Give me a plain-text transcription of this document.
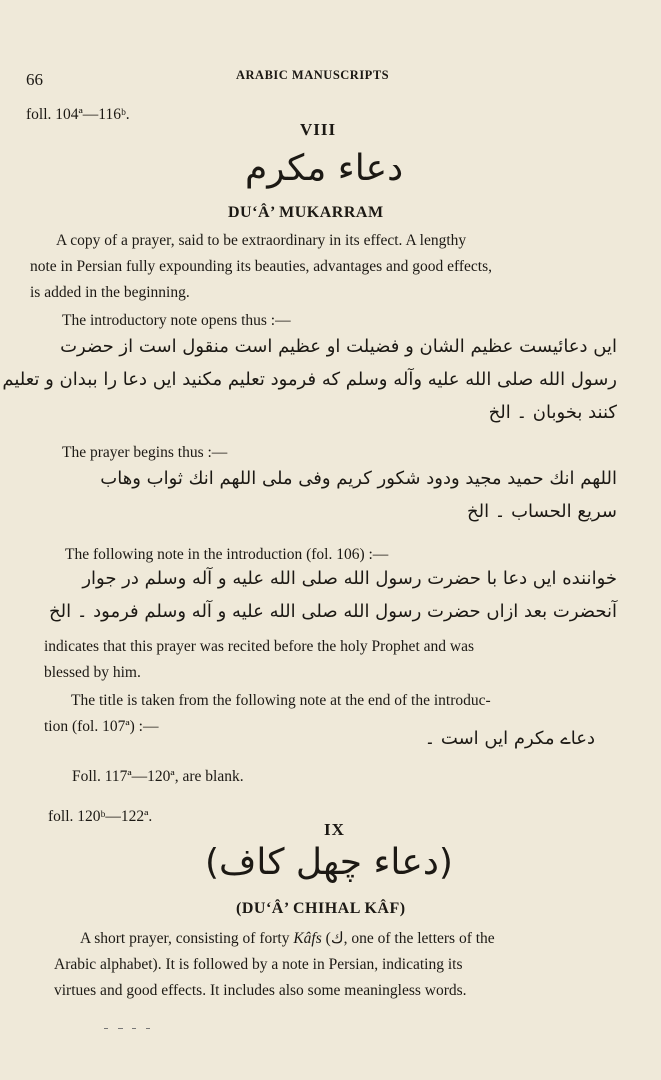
66	ARABIC MANUSCRIPTS
foll. 104ª—116ᵇ.
VIII
دعاء مکرم
DU‘Â’ MUKARRAM

A copy of a prayer, said to be extraordinary in its effect. A lengthy

note in Persian fully expounding its beauties, advantages and good effects,

is added in the beginning.

The introductory note opens thus :—

ایں دعائیست عظیم الشان و فضیلت او عظیم است منقول است از حضرت

رسول الله صلی الله علیه وآله وسلم که فرمود تعلیم مکنید ایں دعا را ببدان و تعلیم

کنند بخوبان ۔ الخ

The prayer begins thus :—

اللهم انك حمید مجید ودود شکور کریم وفی ملی اللهم انك ثواب وهاب

سریع الحساب ۔ الخ

The following note in the introduction (fol. 106) :—

خواننده ایں دعا با حضرت رسول الله صلی الله علیه و آله وسلم در جوار

آنحضرت بعد ازاں حضرت رسول الله صلی الله علیه و آله وسلم فرمود ۔ الخ

indicates that this prayer was recited before the holy Prophet and was

blessed by him.

The title is taken from the following note at the end of the introduc-

tion (fol. 107ª) :—

دعاے مکرم ایں است ۔

Foll. 117ª—120ª, are blank.
foll. 120ᵇ—122ª.
IX
(دعاء چهل کاف)
(DU‘Â’ CHIHAL KÂF)

A short prayer, consisting of forty Kâfs (ك, one of the letters of the

Arabic alphabet). It is followed by a note in Persian, indicating its

virtues and good effects. It includes also some meaningless words.
